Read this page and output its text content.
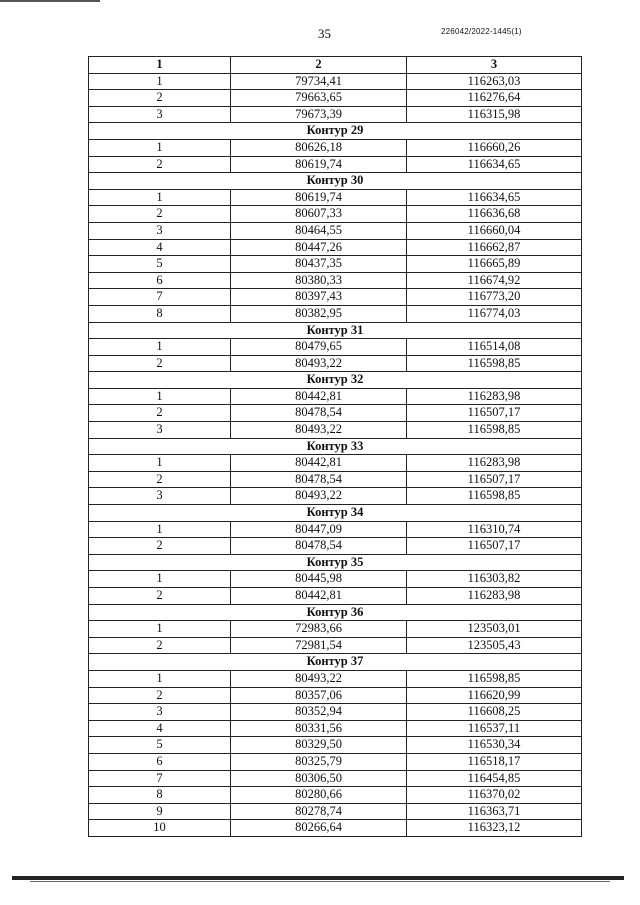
35	226042/2022-1445(1)
1	2	3
1	79734,41	116263,03
2	79663,65	116276,64
3	79673,39	116315,98
Контур 29		
1	80626,18	116660,26
2	80619,74	116634,65
Контур 30		
1	80619,74	116634,65
2	80607,33	116636,68
3	80464,55	116660,04
4	80447,26	116662,87
5	80437,35	116665,89
6	80380,33	116674,92
7	80397,43	116773,20
8	80382,95	116774,03
Контур 31		
1	80479,65	116514,08
2	80493,22	116598,85
Контур 32		
1	80442,81	116283,98
2	80478,54	116507,17
3	80493,22	116598,85
Контур 33		
1	80442,81	116283,98
2	80478,54	116507,17
3	80493,22	116598,85
Контур 34		
1	80447,09	116310,74
2	80478,54	116507,17
Контур 35		
1	80445,98	116303,82
2	80442,81	116283,98
Контур 36		
1	72983,66	123503,01
2	72981,54	123505,43
Контур 37		
1	80493,22	116598,85
2	80357,06	116620,99
3	80352,94	116608,25
4	80331,56	116537,11
5	80329,50	116530,34
6	80325,79	116518,17
7	80306,50	116454,85
8	80280,66	116370,02
9	80278,74	116363,71
10	80266,64	116323,12
